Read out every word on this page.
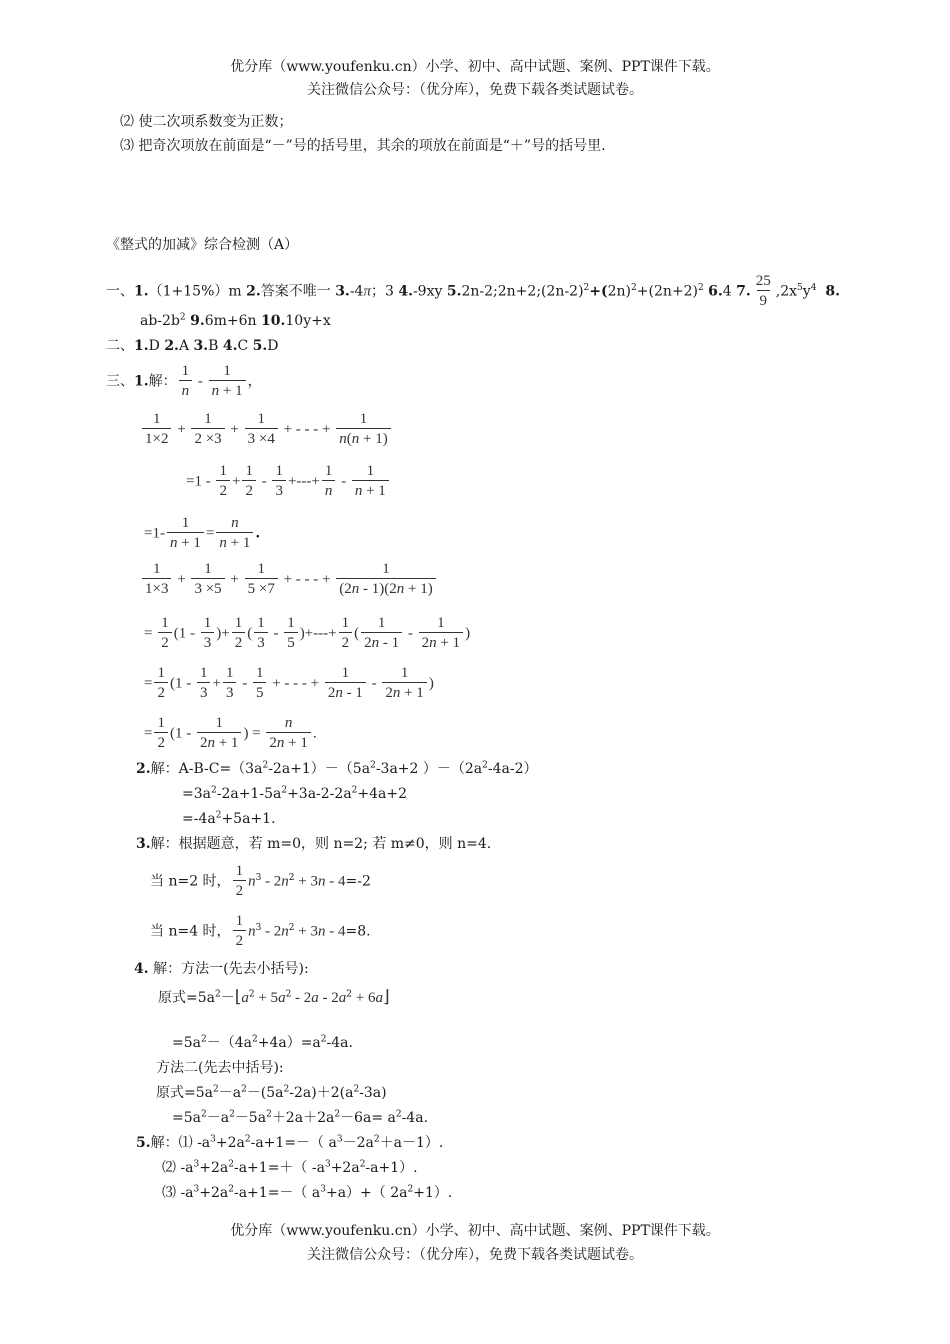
优分库（www.youfenku.cn）小学、初中、高中试题、案例、PPT课件下载。
关注微信公众号：（优分库），免费下载各类试题试卷。
⑵ 使二次项系数变为正数；
⑶ 把奇次项放在前面是“－”号的括号里，其余的项放在前面是“＋”号的括号里.
《整式的加减》综合检测（A）
一、1.（1+15%）m 2.答案不唯一 3.-4π；3 4.-9xy $5.2n-2;2n+2;(2n-2)^2+(2n)^2+(2n+2)^2$ 6.4 7. $\frac{25}{9} ,2x^5y^4$ 8.
$ab-2b^2$ 9.6m+6n 10.10y+x
二、1.D 2.A 3.B 4.C 5.D
三、1.解： $\frac{1}{n} - \frac{1}{n + 1}$ ，
$\frac{1}{1\times 2} + \frac{1}{2 \times 3} + \frac{1}{3 \times 4}$ + - - - + $\frac{1}{n(n + 1)}$
$=1 - \frac{1}{2} + \frac{1}{2} - \frac{1}{3}$ +---+ $\frac{1}{n} - \frac{1}{n + 1}$
$=1- \frac{1}{n + 1} = \frac{n}{n + 1}$ .
$\frac{1}{1\times 3} + \frac{1}{3 \times 5} + \frac{1}{5 \times 7}$ + - - - + $\frac{1}{(2n - 1)(2n + 1)}$
= $\frac{1}{2} (1 - \frac{1}{3}$ )+ $\frac{1}{2}$ ( $\frac{1}{3} - \frac{1}{5}$ )+---+ $\frac{1}{2}$ ( $\frac{1}{2n - 1} - \frac{1}{2n + 1}$ )
= $\frac{1}{2} (1 - \frac{1}{3} + \frac{1}{3} - \frac{1}{5}$ + - - - + $\frac{1}{2n - 1} - \frac{1}{2n + 1}$ )
= $\frac{1}{2} (1 - \frac{1}{2n + 1}$ ) = $\frac{n}{2n + 1}$ .
2.解：$A-B-C=(3a^2-2a+1)-(5a^2-3a+2$ ）$-(2a^2-4a-2)$
$=3a^2-2a+1-5a^2+3a-2-2a^2+4a+2$
$=-4a^2+5a+1$.
3.解：根据题意，若 m=0，则 n=2; 若 m≠0，则 n=4.
当 n=2 时， $\frac{1}{2} n^3 - 2n^2 + 3n - 4=-2$
当 n=4 时， $\frac{1}{2} n^3 - 2n^2 + 3n - 4=8$.
4. 解：方法一(先去小括号):
原式$=5a^2-⌊a^2 + 5a^2 - 2a - 2a^2$ + 6a⌋
$=5a^2-(4a^2+4a)=a^2-4a$.
方法二(先去中括号):
原式$=5a^2-a^2-(5a^2-2a)+2(a^2-3a)$
$=5a^2-a^2-5a^2+2a+2a^2-6a= a^2-4a$.
5.解：⑴ $-a^3+2a^2-a+1=-$（ $a^3-2a^2+a-1$）.
⑵ $-a^3+2a^2-a+1=+$（ $-a^3+2a^2-a+1$）.
⑶ $-a^3+2a^2-a+1=-$（ $a^3+a)+$（ $2a^2+1$）.
优分库（www.youfenku.cn）小学、初中、高中试题、案例、PPT课件下载。
关注微信公众号：（优分库），免费下载各类试题试卷。
